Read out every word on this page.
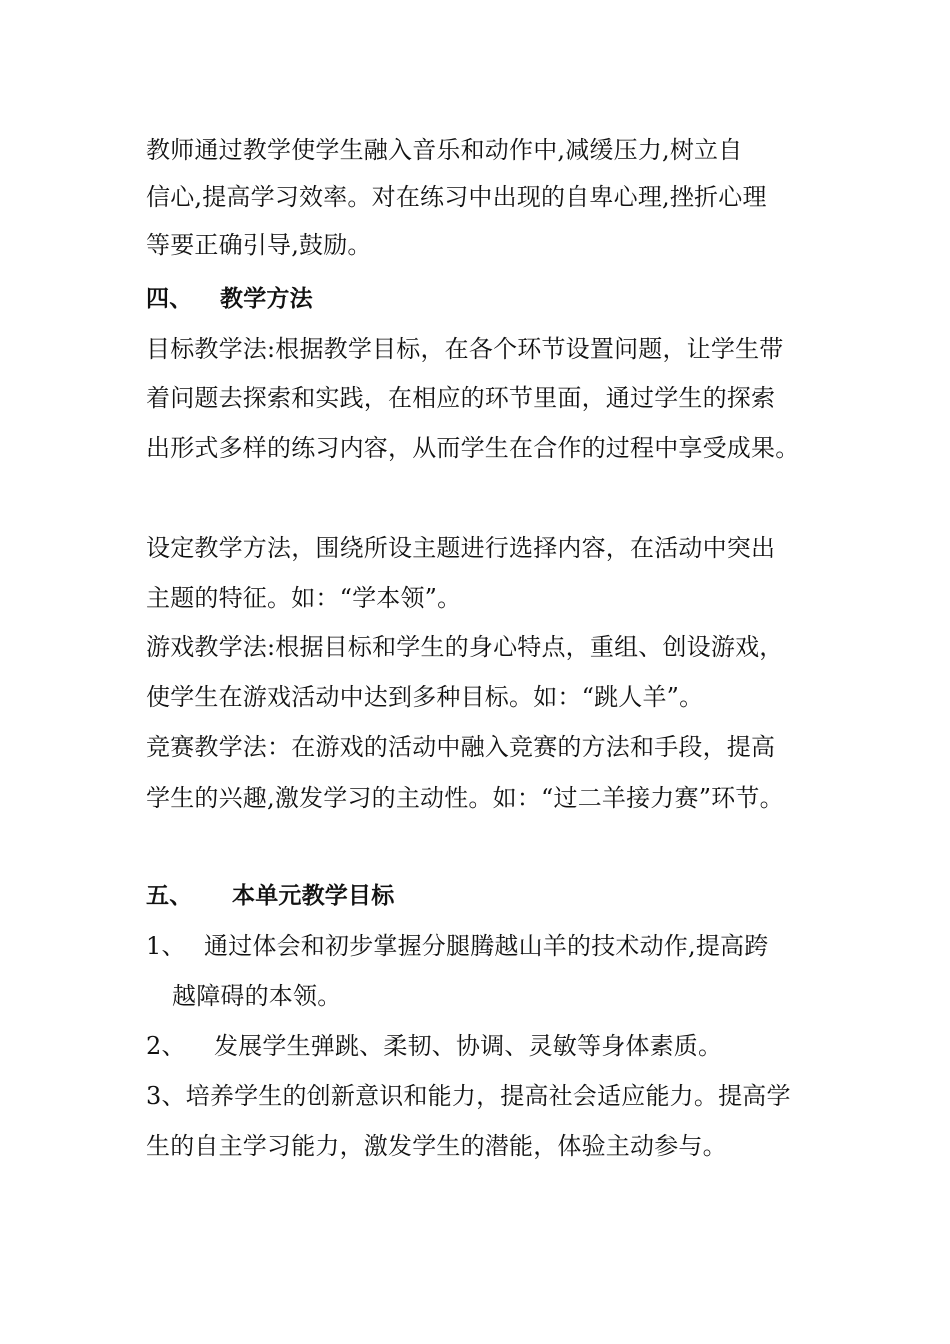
教师通过教学使学生融入音乐和动作中,减缓压力,树立自
信心,提高学习效率。对在练习中出现的自卑心理,挫折心理
等要正确引导,鼓励。
四、 教学方法
目标教学法:根据教学目标，在各个环节设置问题，让学生带
着问题去探索和实践，在相应的环节里面，通过学生的探索
出形式多样的练习内容，从而学生在合作的过程中享受成果。
设定教学方法，围绕所设主题进行选择内容，在活动中突出
主题的特征。如：“学本领”。
游戏教学法:根据目标和学生的身心特点，重组、创设游戏，
使学生在游戏活动中达到多种目标。如：“跳人羊”。
竞赛教学法：在游戏的活动中融入竞赛的方法和手段，提高
学生的兴趣,激发学习的主动性。如：“过二羊接力赛”环节。
五、 本单元教学目标
1、 通过体会和初步掌握分腿腾越山羊的技术动作,提高跨
越障碍的本领。
2、 发展学生弹跳、柔韧、协调、灵敏等身体素质。
3、培养学生的创新意识和能力，提高社会适应能力。提高学
生的自主学习能力，激发学生的潜能，体验主动参与。
